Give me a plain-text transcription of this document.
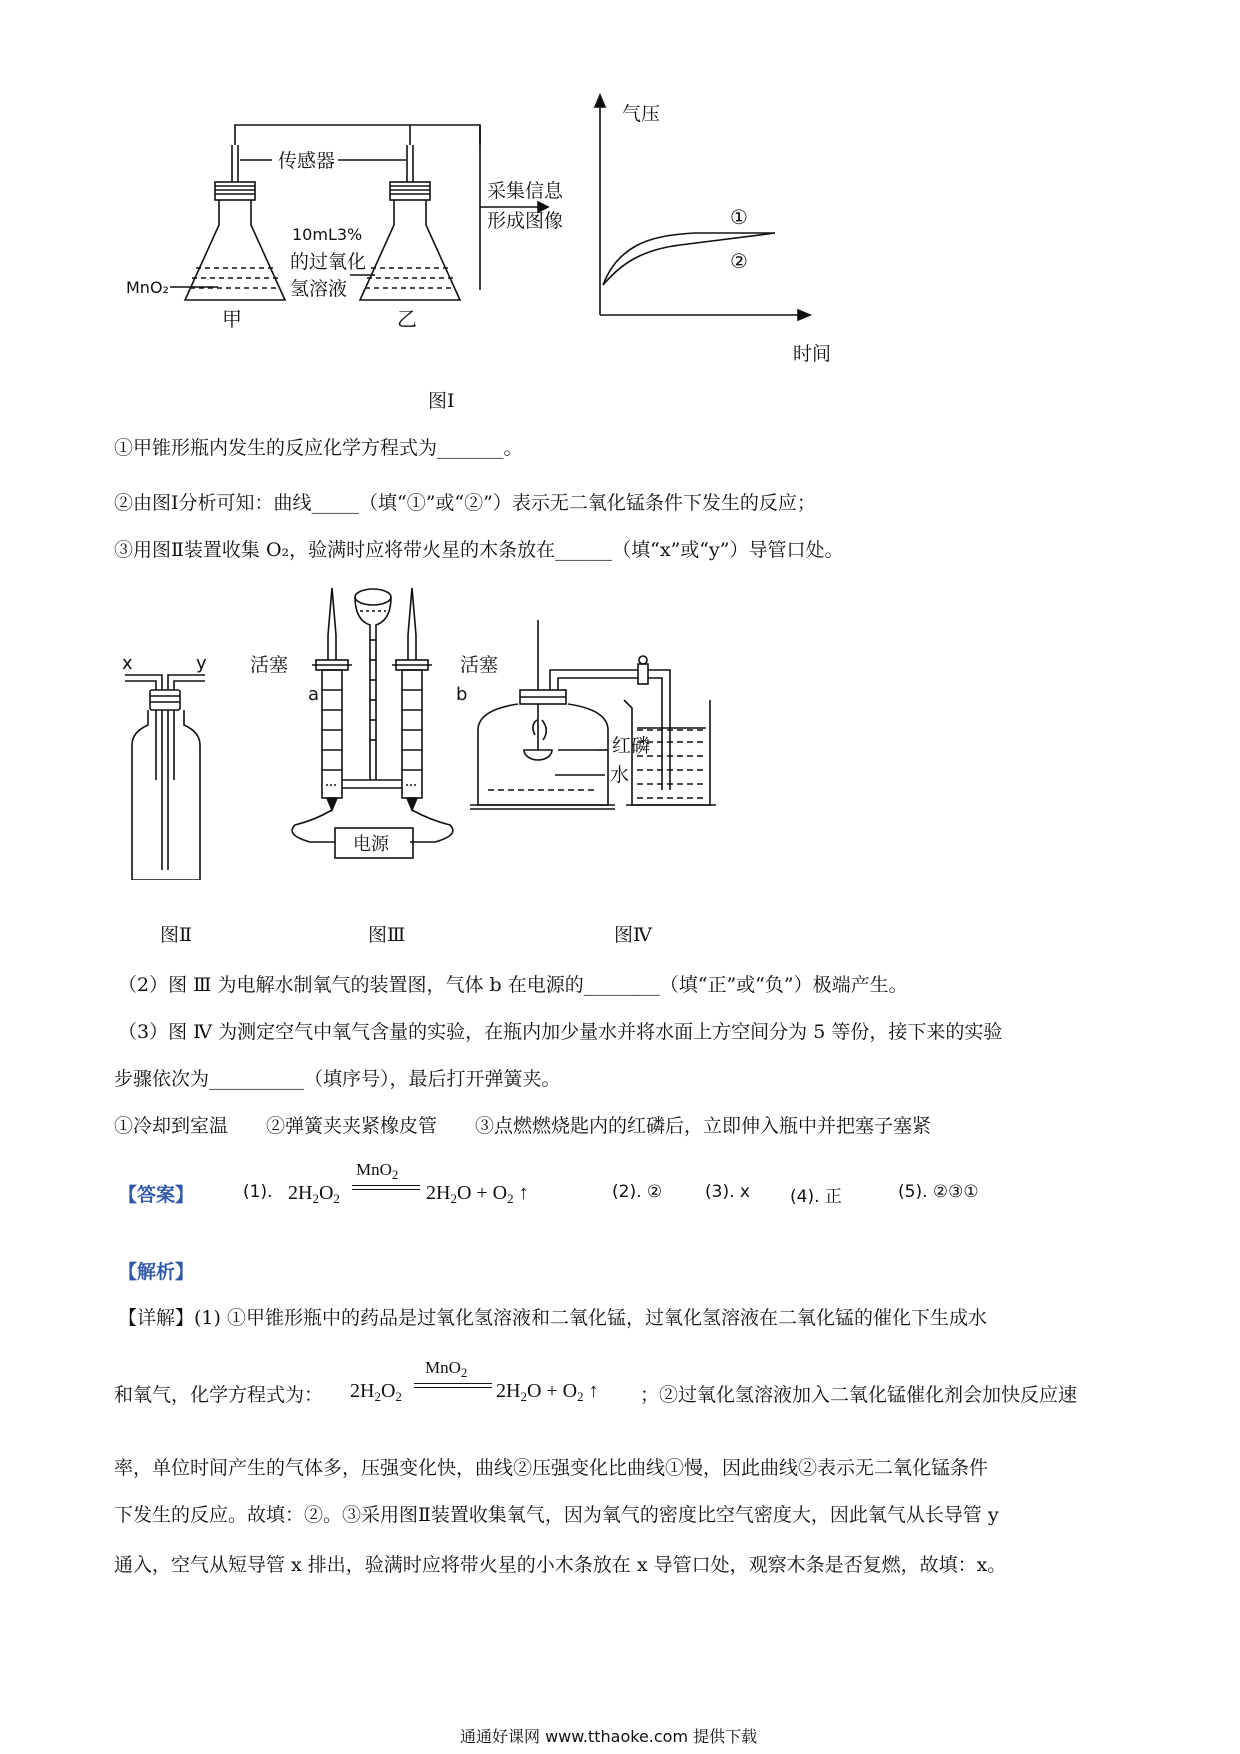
传感器
采集信息
形成图像
10mL3%
的过氧化
氢溶液
MnO₂
甲	乙
气压
时间
①
②
图Ⅰ
①甲锥形瓶内发生的反应化学方程式为_______。
②由图Ⅰ分析可知：曲线_____（填“①”或“②”）表示无二氧化锰条件下发生的反应；
③用图Ⅱ装置收集 O₂，验满时应将带火星的木条放在______（填“x”或“y”）导管口处。
x	y 活塞	活塞
a	b
电源
红磷
水
图Ⅱ	图Ⅲ	图Ⅳ
（2）图 Ⅲ 为电解水制氧气的装置图，气体 b 在电源的________（填“正”或“负”）极端产生。
（3）图 Ⅳ 为测定空气中氧气含量的实验，在瓶内加少量水并将水面上方空间分为 5 等份，接下来的实验
步骤依次为__________（填序号），最后打开弹簧夹。
①冷却到室温　　②弹簧夹夹紧橡皮管　　③点燃燃烧匙内的红磷后，立即伸入瓶中并把塞子塞紧
【答案】	(1).
MnO$_2$
$2H_2O_2$	$2H_2O + O_2$ ↑	(2). ②	(3). x (4). 正	(5). ②③①
【解析】
【详解】(1) ①甲锥形瓶中的药品是过氧化氢溶液和二氧化锰，过氧化氢溶液在二氧化锰的催化下生成水
和氧气，化学方程式为：
MnO$_2$
$2H_2O_2$	$2H_2O + O_2$ ↑ ；②过氧化氢溶液加入二氧化锰催化剂会加快反应速
率，单位时间产生的气体多，压强变化快，曲线②压强变化比曲线①慢，因此曲线②表示无二氧化锰条件
下发生的反应。故填：②。③采用图Ⅱ装置收集氧气，因为氧气的密度比空气密度大，因此氧气从长导管 y
通入，空气从短导管 x 排出，验满时应将带火星的小木条放在 x 导管口处，观察木条是否复燃，故填：x。
通通好课网 www.tthaoke.com 提供下载
